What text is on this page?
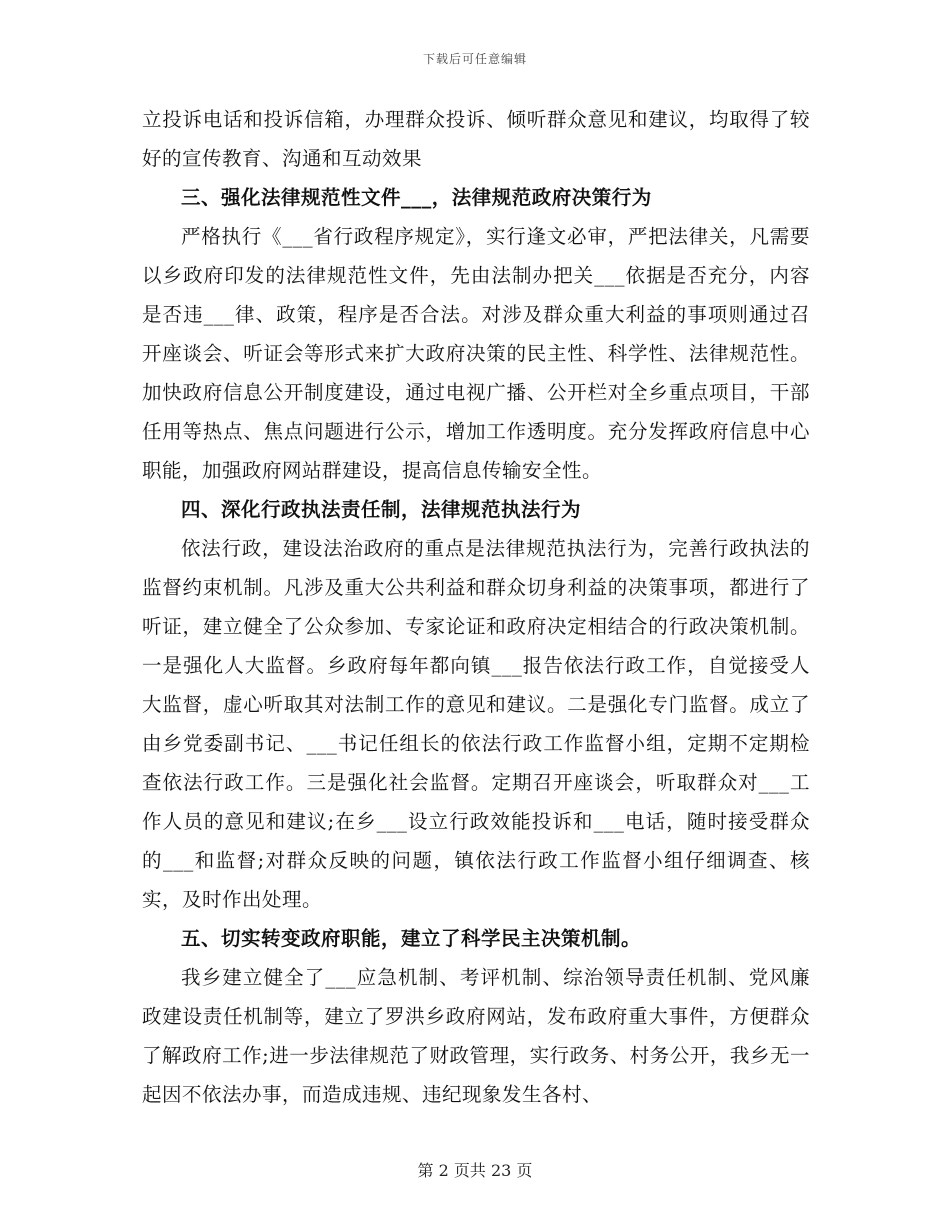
下载后可任意编辑

立投诉电话和投诉信箱，办理群众投诉、倾听群众意见和建议，均取得了较好的宣传教育、沟通和互动效果

三、强化法律规范性文件___，法律规范政府决策行为

严格执行《___省行政程序规定》，实行逢文必审，严把法律关，凡需要以乡政府印发的法律规范性文件，先由法制办把关___依据是否充分，内容是否违___律、政策，程序是否合法。对涉及群众重大利益的事项则通过召开座谈会、听证会等形式来扩大政府决策的民主性、科学性、法律规范性。加快政府信息公开制度建设，通过电视广播、公开栏对全乡重点项目，干部任用等热点、焦点问题进行公示，增加工作透明度。充分发挥政府信息中心职能，加强政府网站群建设，提高信息传输安全性。

四、深化行政执法责任制，法律规范执法行为

依法行政，建设法治政府的重点是法律规范执法行为，完善行政执法的监督约束机制。凡涉及重大公共利益和群众切身利益的决策事项，都进行了听证，建立健全了公众参加、专家论证和政府决定相结合的行政决策机制。一是强化人大监督。乡政府每年都向镇___报告依法行政工作，自觉接受人大监督，虚心听取其对法制工作的意见和建议。二是强化专门监督。成立了由乡党委副书记、___书记任组长的依法行政工作监督小组，定期不定期检查依法行政工作。三是强化社会监督。定期召开座谈会，听取群众对___工作人员的意见和建议;在乡___设立行政效能投诉和___电话，随时接受群众的___和监督;对群众反映的问题，镇依法行政工作监督小组仔细调查、核实，及时作出处理。

五、切实转变政府职能，建立了科学民主决策机制。

我乡建立健全了___应急机制、考评机制、综治领导责任机制、党风廉政建设责任机制等，建立了罗洪乡政府网站，发布政府重大事件，方便群众了解政府工作;进一步法律规范了财政管理，实行政务、村务公开，我乡无一起因不依法办事，而造成违规、违纪现象发生各村、

第 2 页共 23 页
